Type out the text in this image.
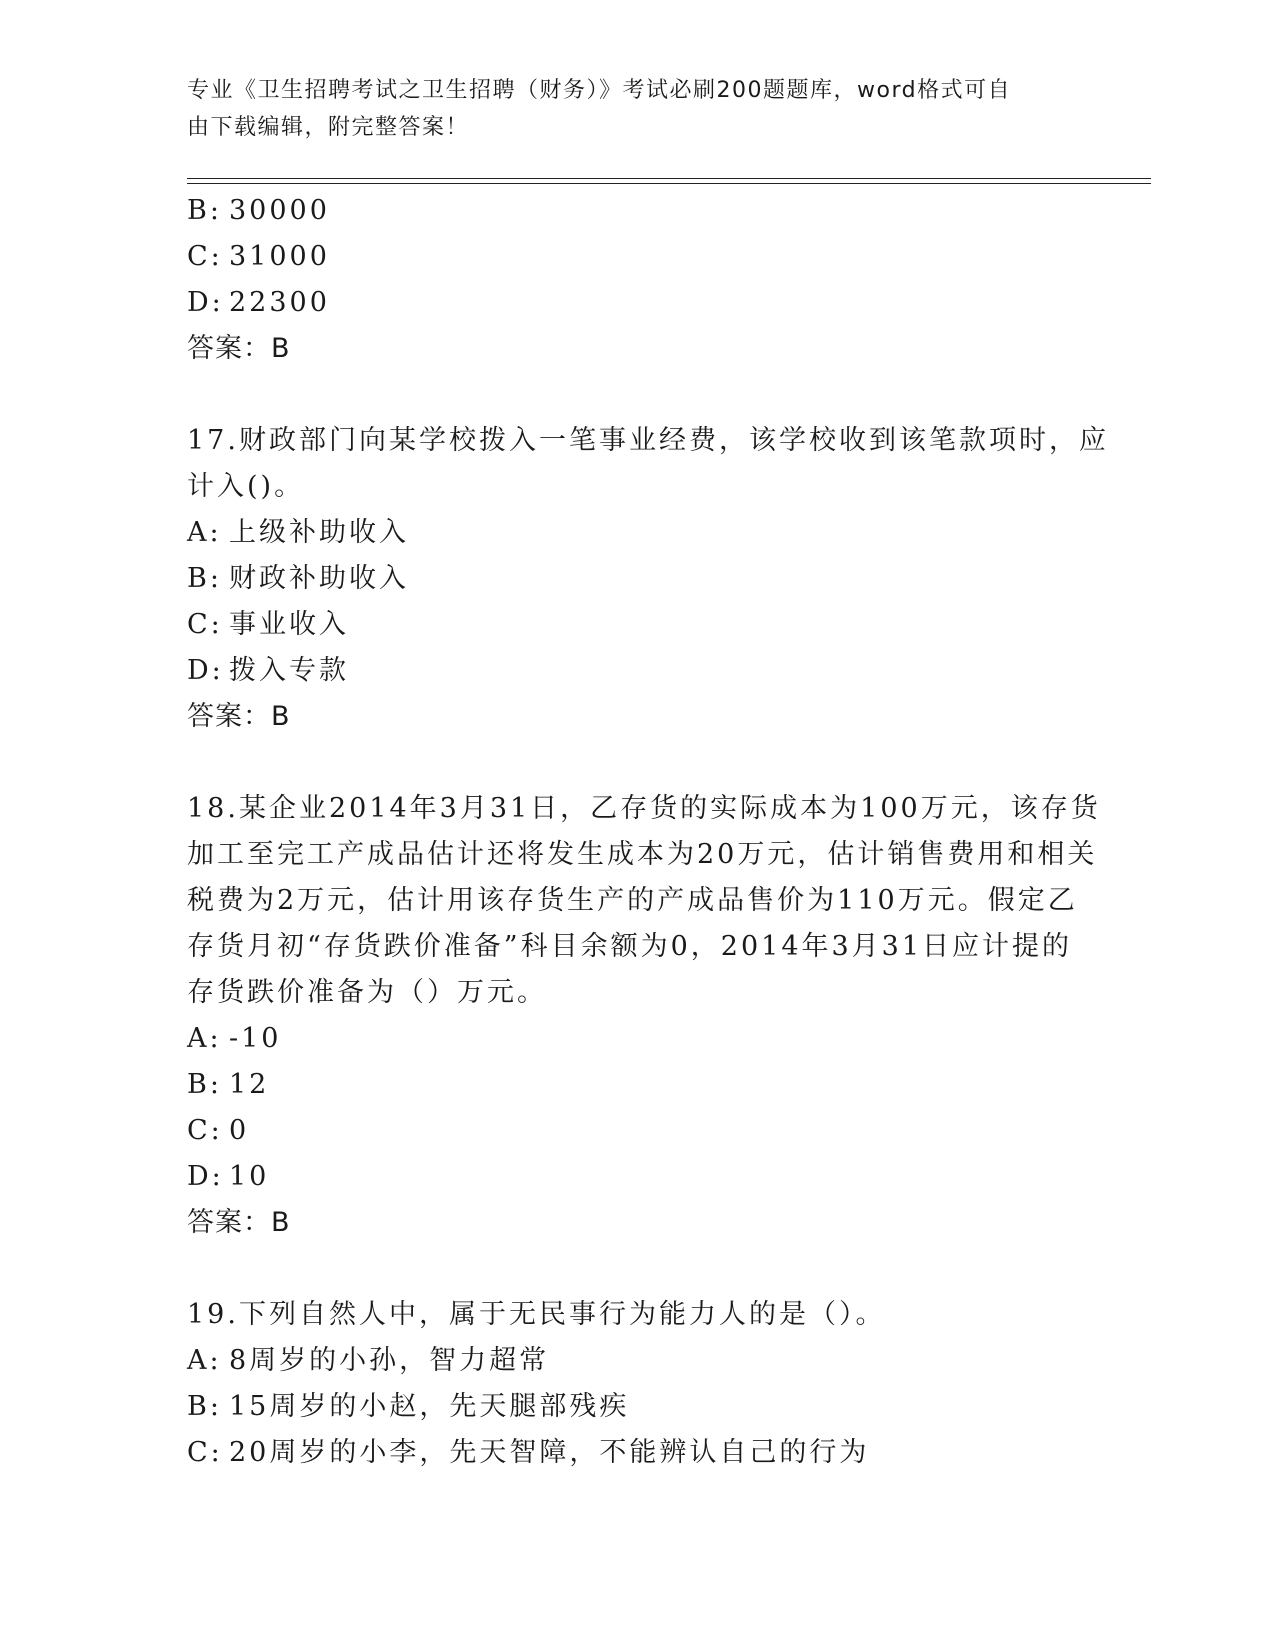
专业《卫生招聘考试之卫生招聘（财务）》考试必刷200题题库，word格式可自
由下载编辑，附完整答案！

B: 30000

C: 31000

D: 22300

答案：B

17.财政部门向某学校拨入一笔事业经费，该学校收到该笔款项时，应

计入()。

A: 上级补助收入

B: 财政补助收入

C: 事业收入

D: 拨入专款

答案：B

18.某企业2014年3月31日，乙存货的实际成本为100万元，该存货

加工至完工产成品估计还将发生成本为20万元，估计销售费用和相关

税费为2万元，估计用该存货生产的产成品售价为110万元。假定乙

存货月初“存货跌价准备”科目余额为0，2014年3月31日应计提的

存货跌价准备为（）万元。

A: -10

B: 12

C: 0

D: 10

答案：B

19.下列自然人中，属于无民事行为能力人的是（）。

A: 8周岁的小孙，智力超常

B: 15周岁的小赵，先天腿部残疾

C: 20周岁的小李，先天智障，不能辨认自己的行为
